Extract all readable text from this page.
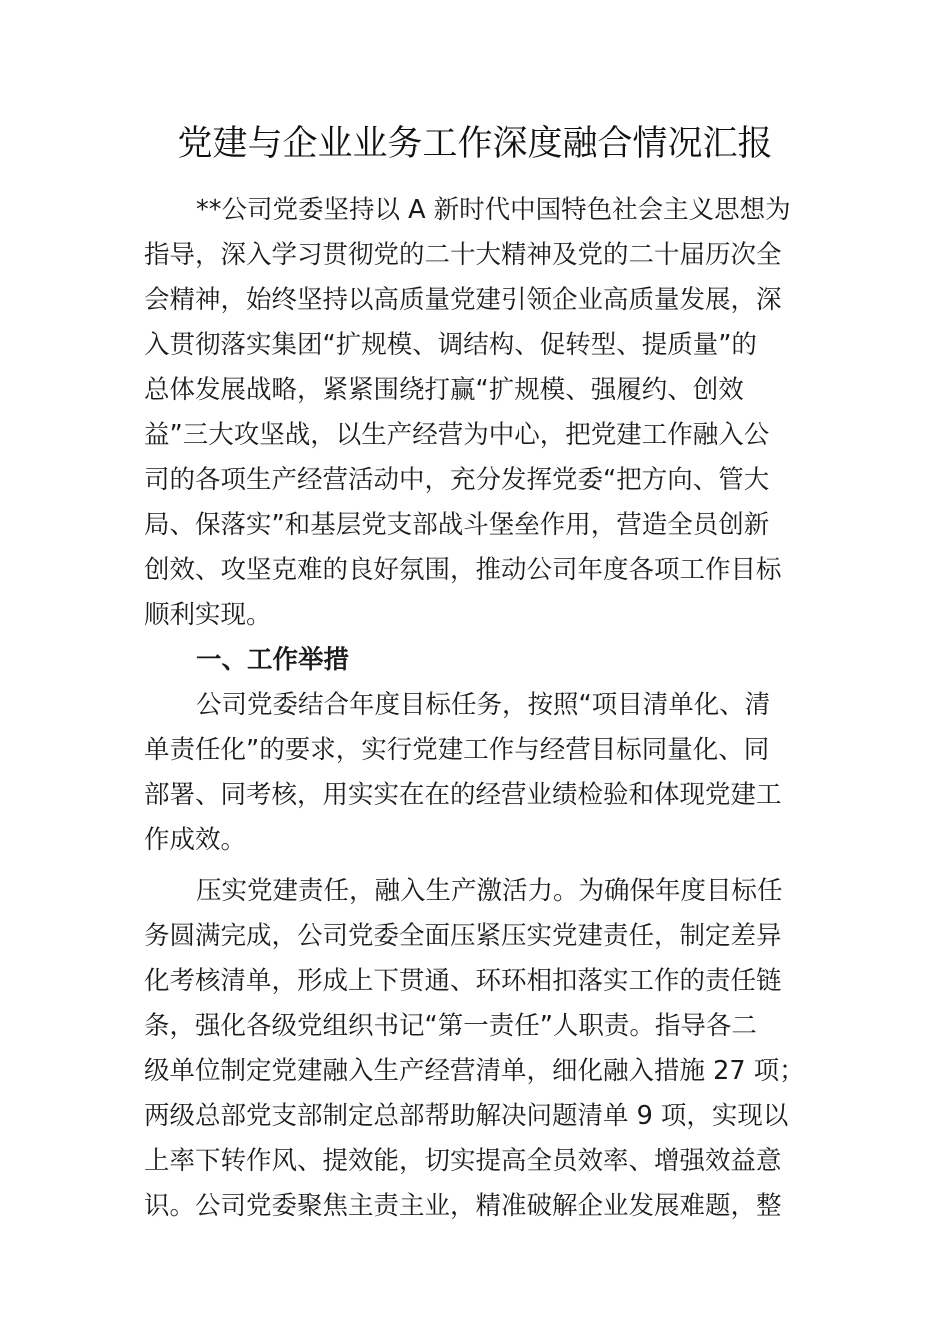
党建与企业业务工作深度融合情况汇报
**公司党委坚持以 A 新时代中国特色社会主义思想为
指导，深入学习贯彻党的二十大精神及党的二十届历次全
会精神，始终坚持以高质量党建引领企业高质量发展，深
入贯彻落实集团“扩规模、调结构、促转型、提质量”的
总体发展战略，紧紧围绕打赢“扩规模、强履约、创效
益”三大攻坚战，以生产经营为中心，把党建工作融入公
司的各项生产经营活动中，充分发挥党委“把方向、管大
局、保落实”和基层党支部战斗堡垒作用，营造全员创新
创效、攻坚克难的良好氛围，推动公司年度各项工作目标
顺利实现。
一、工作举措
公司党委结合年度目标任务，按照“项目清单化、清
单责任化”的要求，实行党建工作与经营目标同量化、同
部署、同考核，用实实在在的经营业绩检验和体现党建工
作成效。
压实党建责任，融入生产激活力。为确保年度目标任
务圆满完成，公司党委全面压紧压实党建责任，制定差异
化考核清单，形成上下贯通、环环相扣落实工作的责任链
条，强化各级党组织书记“第一责任”人职责。指导各二
级单位制定党建融入生产经营清单，细化融入措施 27 项；
两级总部党支部制定总部帮助解决问题清单 9 项，实现以
上率下转作风、提效能，切实提高全员效率、增强效益意
识。公司党委聚焦主责主业，精准破解企业发展难题，整
